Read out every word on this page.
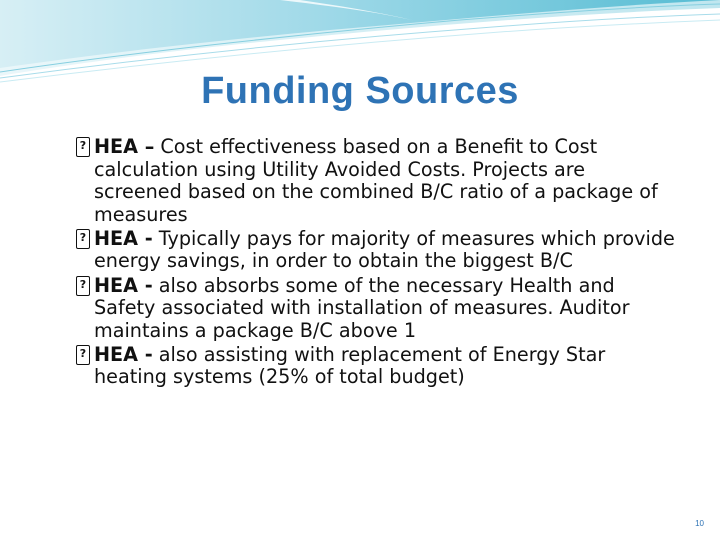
Funding Sources
?
HEA – Cost effectiveness based on a Benefit to Cost calculation using Utility Avoided Costs. Projects are screened based on the combined B/C ratio of a package of measures
?
HEA - Typically pays for majority of measures which provide energy savings, in order to obtain the biggest B/C
?
HEA - also absorbs some of the necessary Health and Safety associated with installation of measures. Auditor maintains a package B/C above 1
?
HEA - also assisting with replacement of Energy Star heating systems (25% of total budget)
10
